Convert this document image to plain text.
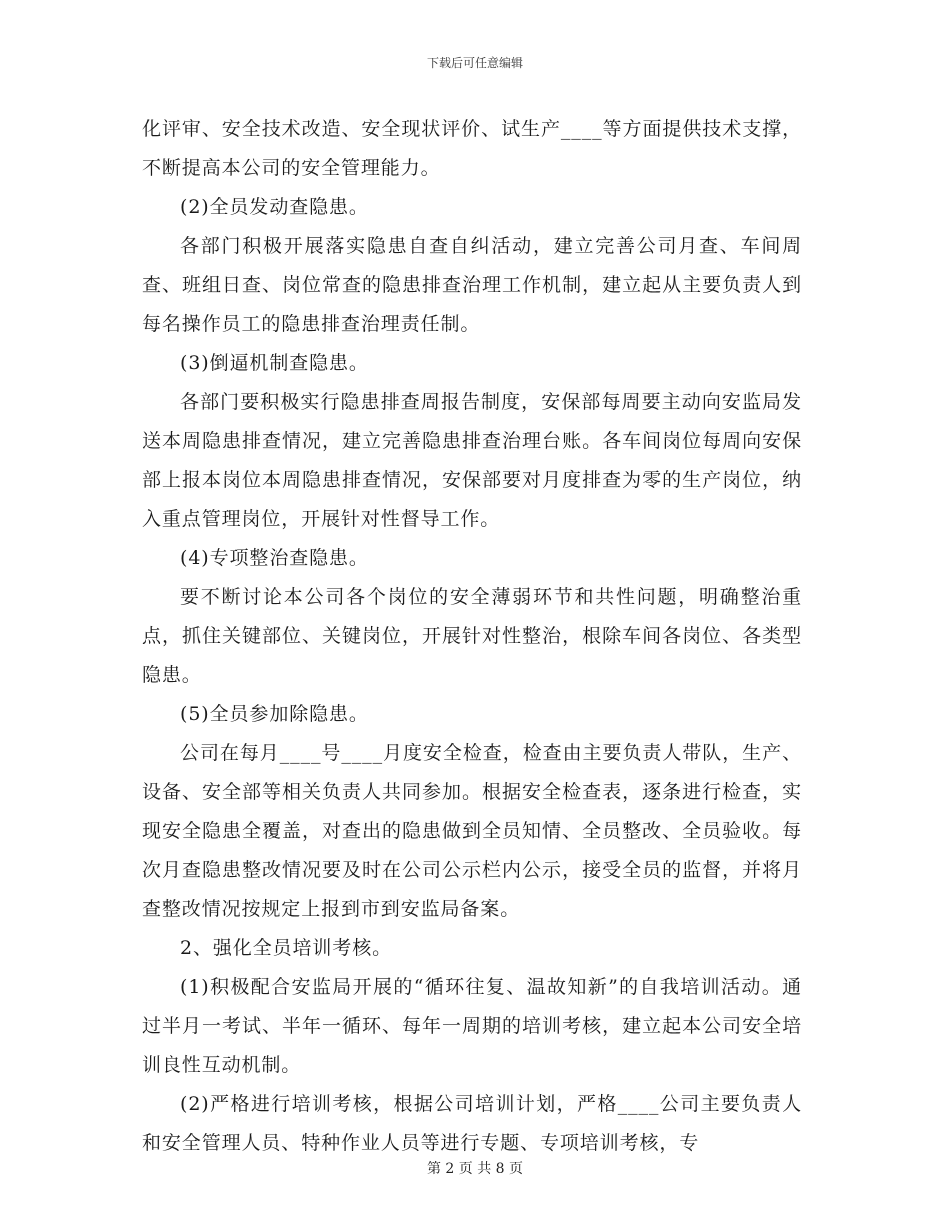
下载后可任意编辑

化评审、安全技术改造、安全现状评价、试生产____等方面提供技术支撑，不断提高本公司的安全管理能力。

(2)全员发动查隐患。

各部门积极开展落实隐患自查自纠活动，建立完善公司月查、车间周查、班组日查、岗位常查的隐患排查治理工作机制，建立起从主要负责人到每名操作员工的隐患排查治理责任制。

(3)倒逼机制查隐患。

各部门要积极实行隐患排查周报告制度，安保部每周要主动向安监局发送本周隐患排查情况，建立完善隐患排查治理台账。各车间岗位每周向安保部上报本岗位本周隐患排查情况，安保部要对月度排查为零的生产岗位，纳入重点管理岗位，开展针对性督导工作。

(4)专项整治查隐患。

要不断讨论本公司各个岗位的安全薄弱环节和共性问题，明确整治重点，抓住关键部位、关键岗位，开展针对性整治，根除车间各岗位、各类型隐患。

(5)全员参加除隐患。

公司在每月____号____月度安全检查，检查由主要负责人带队，生产、设备、安全部等相关负责人共同参加。根据安全检查表，逐条进行检查，实现安全隐患全覆盖，对查出的隐患做到全员知情、全员整改、全员验收。每次月查隐患整改情况要及时在公司公示栏内公示，接受全员的监督，并将月查整改情况按规定上报到市到安监局备案。

2、强化全员培训考核。

(1)积极配合安监局开展的“循环往复、温故知新”的自我培训活动。通过半月一考试、半年一循环、每年一周期的培训考核，建立起本公司安全培训良性互动机制。

(2)严格进行培训考核，根据公司培训计划，严格____公司主要负责人和安全管理人员、特种作业人员等进行专题、专项培训考核，专

第 2 页 共 8 页
